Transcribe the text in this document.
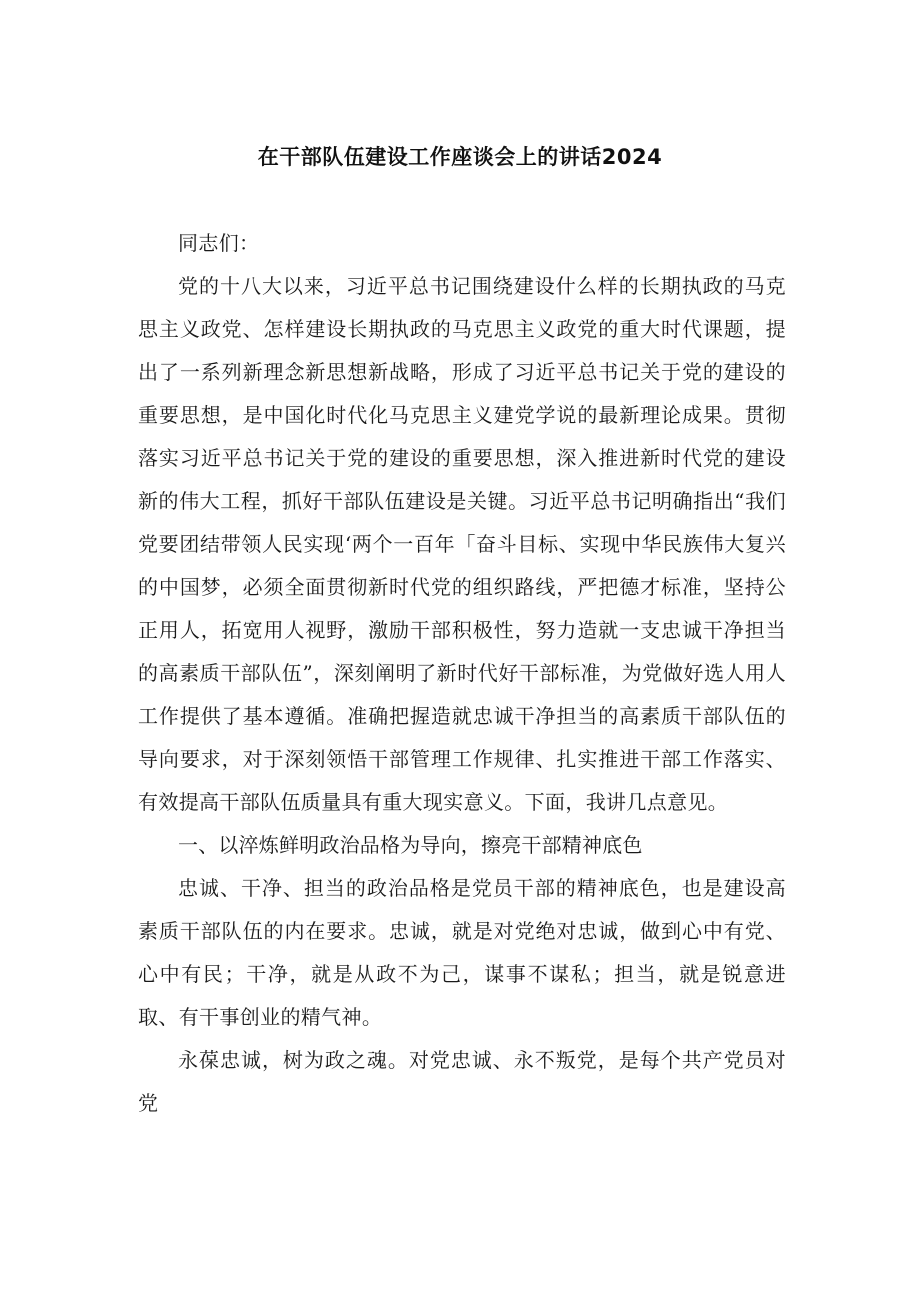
在干部队伍建设工作座谈会上的讲话2024

同志们：

党的十八大以来，习近平总书记围绕建设什么样的长期执政的马克思主义政党、怎样建设长期执政的马克思主义政党的重大时代课题，提出了一系列新理念新思想新战略，形成了习近平总书记关于党的建设的重要思想，是中国化时代化马克思主义建党学说的最新理论成果。贯彻落实习近平总书记关于党的建设的重要思想，深入推进新时代党的建设新的伟大工程，抓好干部队伍建设是关键。习近平总书记明确指出“我们党要团结带领人民实现‘两个一百年「奋斗目标、实现中华民族伟大复兴的中国梦，必须全面贯彻新时代党的组织路线，严把德才标准，坚持公正用人，拓宽用人视野，激励干部积极性，努力造就一支忠诚干净担当的高素质干部队伍”，深刻阐明了新时代好干部标准，为党做好选人用人工作提供了基本遵循。准确把握造就忠诚干净担当的高素质干部队伍的导向要求，对于深刻领悟干部管理工作规律、扎实推进干部工作落实、有效提高干部队伍质量具有重大现实意义。下面，我讲几点意见。

一、以淬炼鲜明政治品格为导向，擦亮干部精神底色

忠诚、干净、担当的政治品格是党员干部的精神底色，也是建设高素质干部队伍的内在要求。忠诚，就是对党绝对忠诚，做到心中有党、心中有民；干净，就是从政不为己，谋事不谋私；担当，就是锐意进取、有干事创业的精气神。

永葆忠诚，树为政之魂。对党忠诚、永不叛党，是每个共产党员对党
